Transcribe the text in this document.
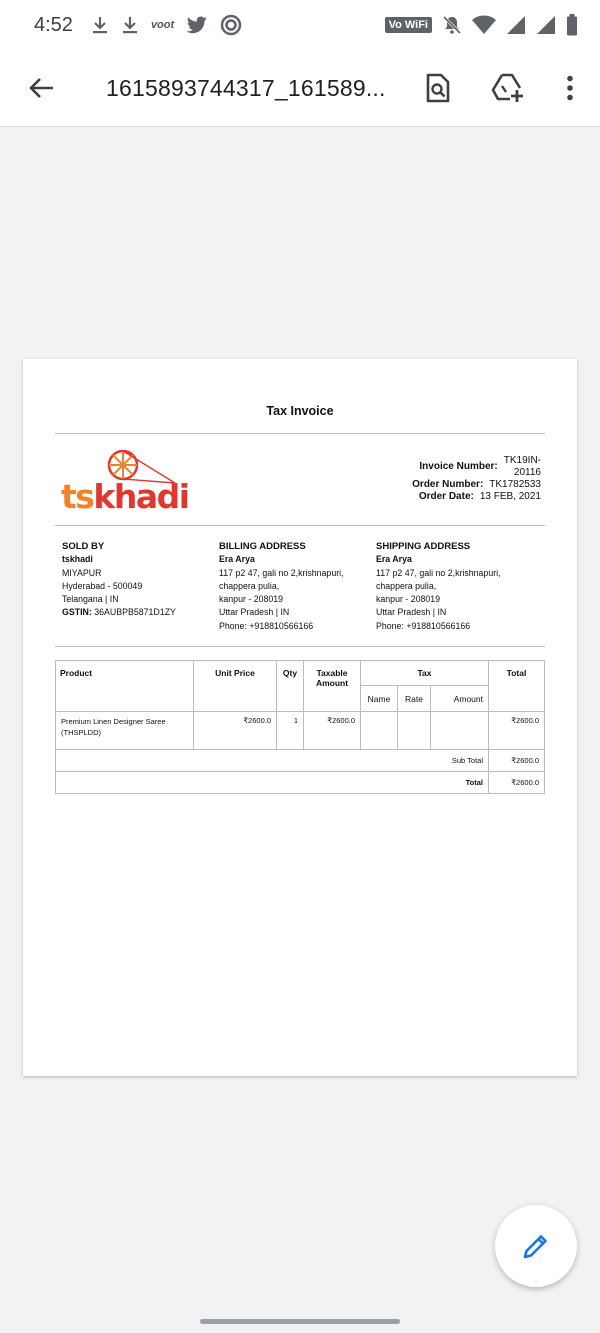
4:52	voot	Vo WiFi
1615893744317_161589...
Tax Invoice
tskhadi
Invoice Number:
TK19IN-
20116
Order Number: TK1782533
Order Date: 13 FEB, 2021
SOLD BY
tskhadi
MIYAPUR
Hyderabad - 500049
Telangana | IN
GSTIN: 36AUBPB5871D1ZY
BILLING ADDRESS
Era Arya
117 p2 47, gali no 2,krishnapuri,
chappera pulia,
kanpur - 208019
Uttar Pradesh | IN
Phone: +918810566166
SHIPPING ADDRESS
Era Arya
117 p2 47, gali no 2,krishnapuri,
chappera pulia,
kanpur - 208019
Uttar Pradesh | IN
Phone: +918810566166
Product	Unit Price	Qty	Taxable Amount	Tax			Total
				Name	Rate	Amount	
Premium Linen Designer Saree (THSPLDD)	₹2600.0	1	₹2600.0				₹2600.0
Sub Total							₹2600.0
Total							₹2600.0
